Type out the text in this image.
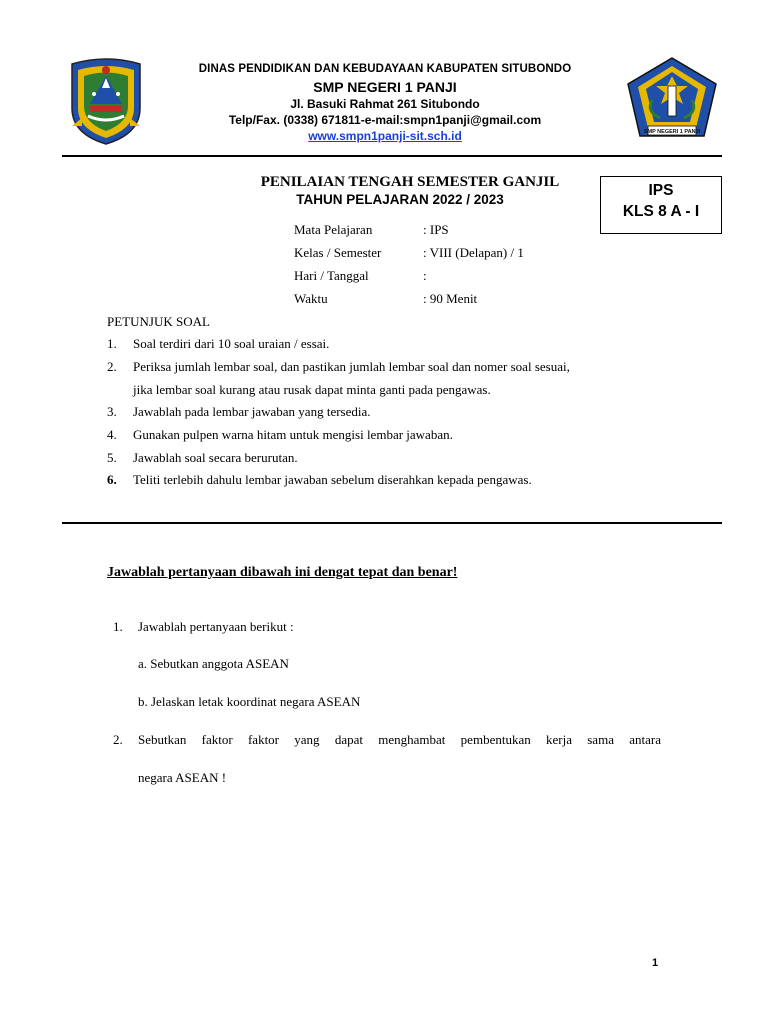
SMP NEGERI 1 PANJI
DINAS PENDIDIKAN DAN KEBUDAYAAN KABUPATEN SITUBONDO
SMP NEGERI 1 PANJI
Jl. Basuki Rahmat 261 Situbondo
Telp/Fax. (0338) 671811-e-mail:smpn1panji@gmail.com
www.smpn1panji-sit.sch.id
PENILAIAN TENGAH SEMESTER GANJIL
TAHUN PELAJARAN 2022 / 2023
IPS
KLS 8 A - I
Mata Pelajaran	: IPS
Kelas / Semester	: VIII (Delapan) / 1
Hari / Tanggal	:
Waktu	: 90 Menit
PETUNJUK SOAL
1. Soal terdiri dari 10 soal uraian / essai.
2. Periksa jumlah lembar soal, dan pastikan jumlah lembar soal dan nomer soal sesuai,
jika lembar soal kurang atau rusak dapat minta ganti pada pengawas.
3. Jawablah pada lembar jawaban yang tersedia.
4. Gunakan pulpen warna hitam untuk mengisi lembar jawaban.
5. Jawablah soal secara berurutan.
6. Teliti terlebih dahulu lembar jawaban sebelum diserahkan kepada pengawas.
Jawablah pertanyaan dibawah ini dengat tepat dan benar!
1. Jawablah pertanyaan berikut :
a. Sebutkan anggota ASEAN
b. Jelaskan letak koordinat negara ASEAN
2. Sebutkan faktor faktor yang dapat menghambat pembentukan kerja sama antara
negara ASEAN !
1
